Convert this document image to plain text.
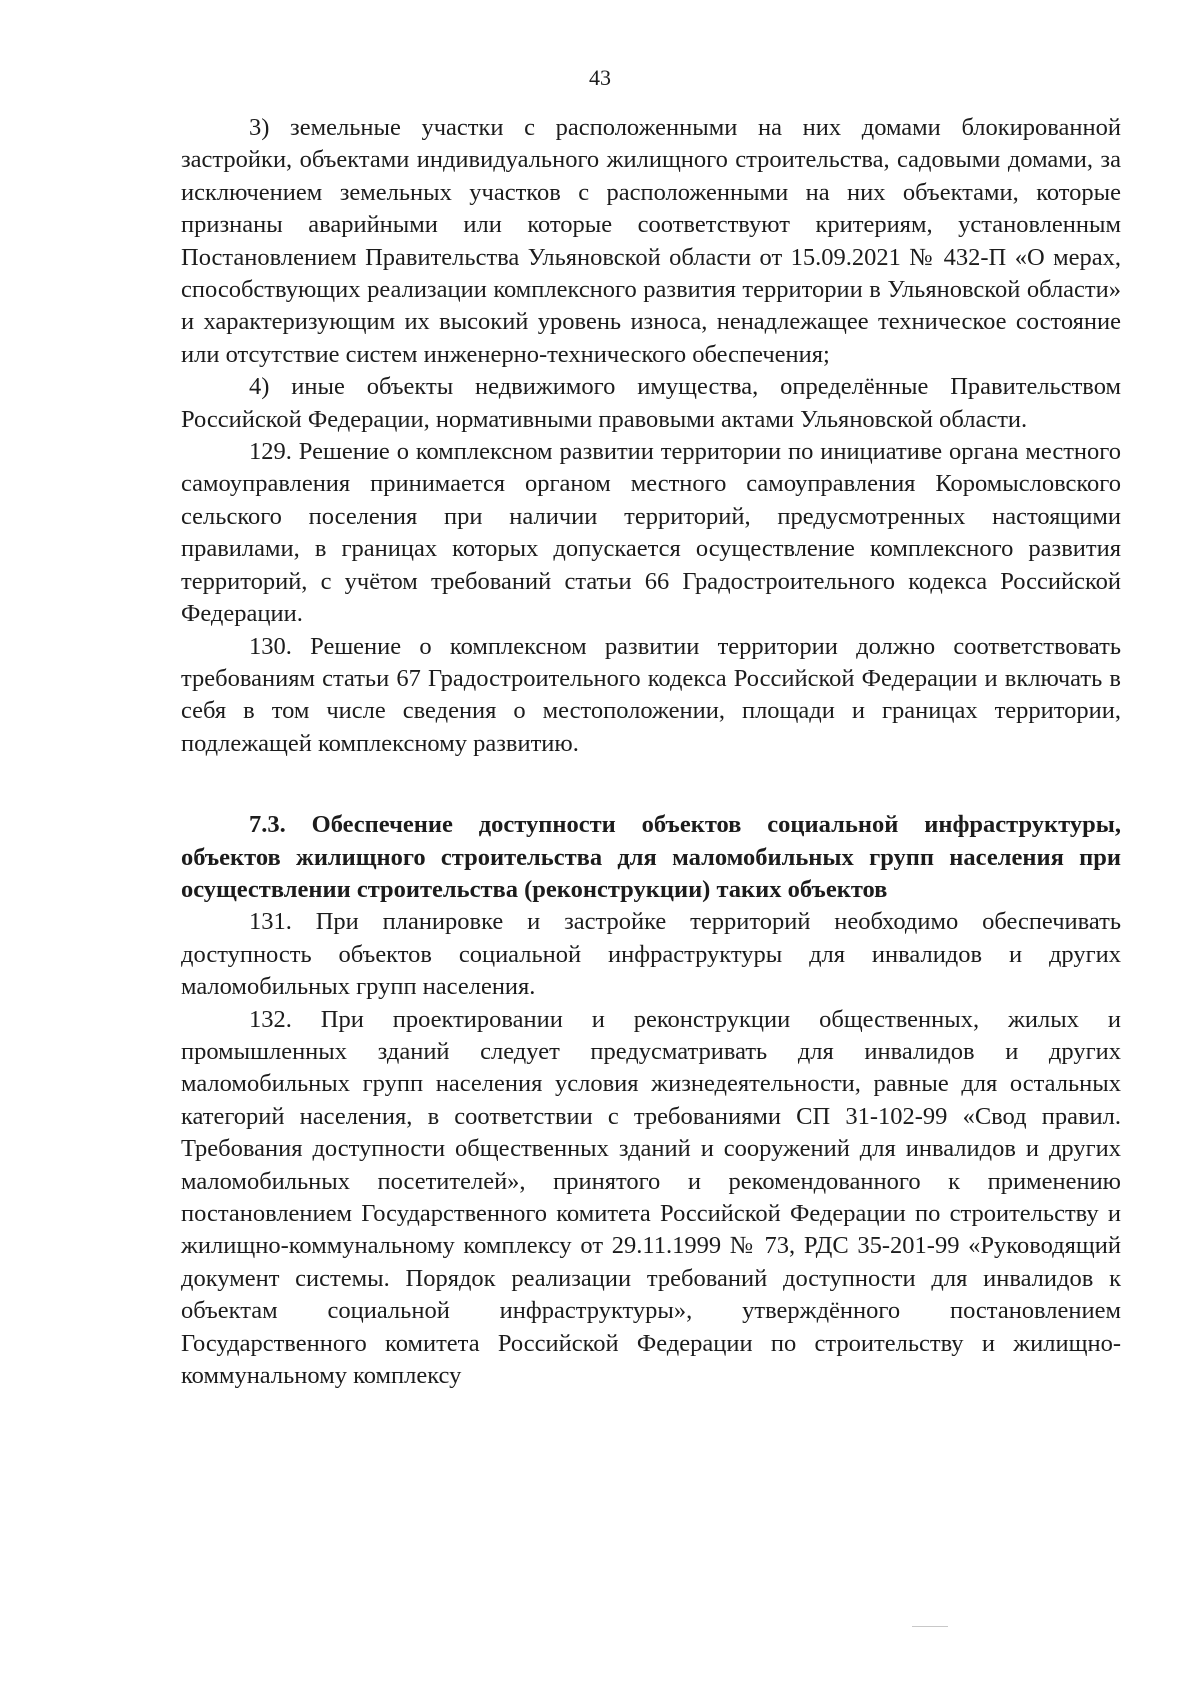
43

3) земельные участки с расположенными на них домами блокированной застройки, объектами индивидуального жилищного строительства, садовыми домами, за исключением земельных участков с расположенными на них объектами, которые признаны аварийными или которые соответствуют критериям, установленным Постановлением Правительства Ульяновской области от 15.09.2021 № 432-П «О мерах, способствующих реализации комплексного развития территории в Ульяновской области» и характеризующим их высокий уровень износа, ненадлежащее техническое состояние или отсутствие систем инженерно-технического обеспечения;

4) иные объекты недвижимого имущества, определённые Правительством Российской Федерации, нормативными правовыми актами Ульяновской области.

129. Решение о комплексном развитии территории по инициативе органа местного самоуправления принимается органом местного самоуправления Коромысловского сельского поселения при наличии территорий, предусмотренных настоящими правилами, в границах которых допускается осуществление комплексного развития территорий, с учётом требований статьи 66 Градостроительного кодекса Российской Федерации.

130. Решение о комплексном развитии территории должно соответствовать требованиям статьи 67 Градостроительного кодекса Российской Федерации и включать в себя в том числе сведения о местоположении, площади и границах территории, подлежащей комплексному развитию.

7.3. Обеспечение доступности объектов социальной инфраструктуры, объектов жилищного строительства для маломобильных групп населения при осуществлении строительства (реконструкции) таких объектов

131. При планировке и застройке территорий необходимо обеспечивать доступность объектов социальной инфраструктуры для инвалидов и других маломобильных групп населения.

132. При проектировании и реконструкции общественных, жилых и промышленных зданий следует предусматривать для инвалидов и других маломобильных групп населения условия жизнедеятельности, равные для остальных категорий населения, в соответствии с требованиями СП 31-102-99 «Свод правил. Требования доступности общественных зданий и сооружений для инвалидов и других маломобильных посетителей», принятого и рекомендованного к применению постановлением Государственного комитета Российской Федерации по строительству и жилищно-коммунальному комплексу от 29.11.1999 № 73, РДС 35-201-99 «Руководящий документ системы. Порядок реализации требований доступности для инвалидов к объектам социальной инфраструктуры», утверждённого постановлением Государственного комитета Российской Федерации по строительству и жилищно-коммунальному комплексу
